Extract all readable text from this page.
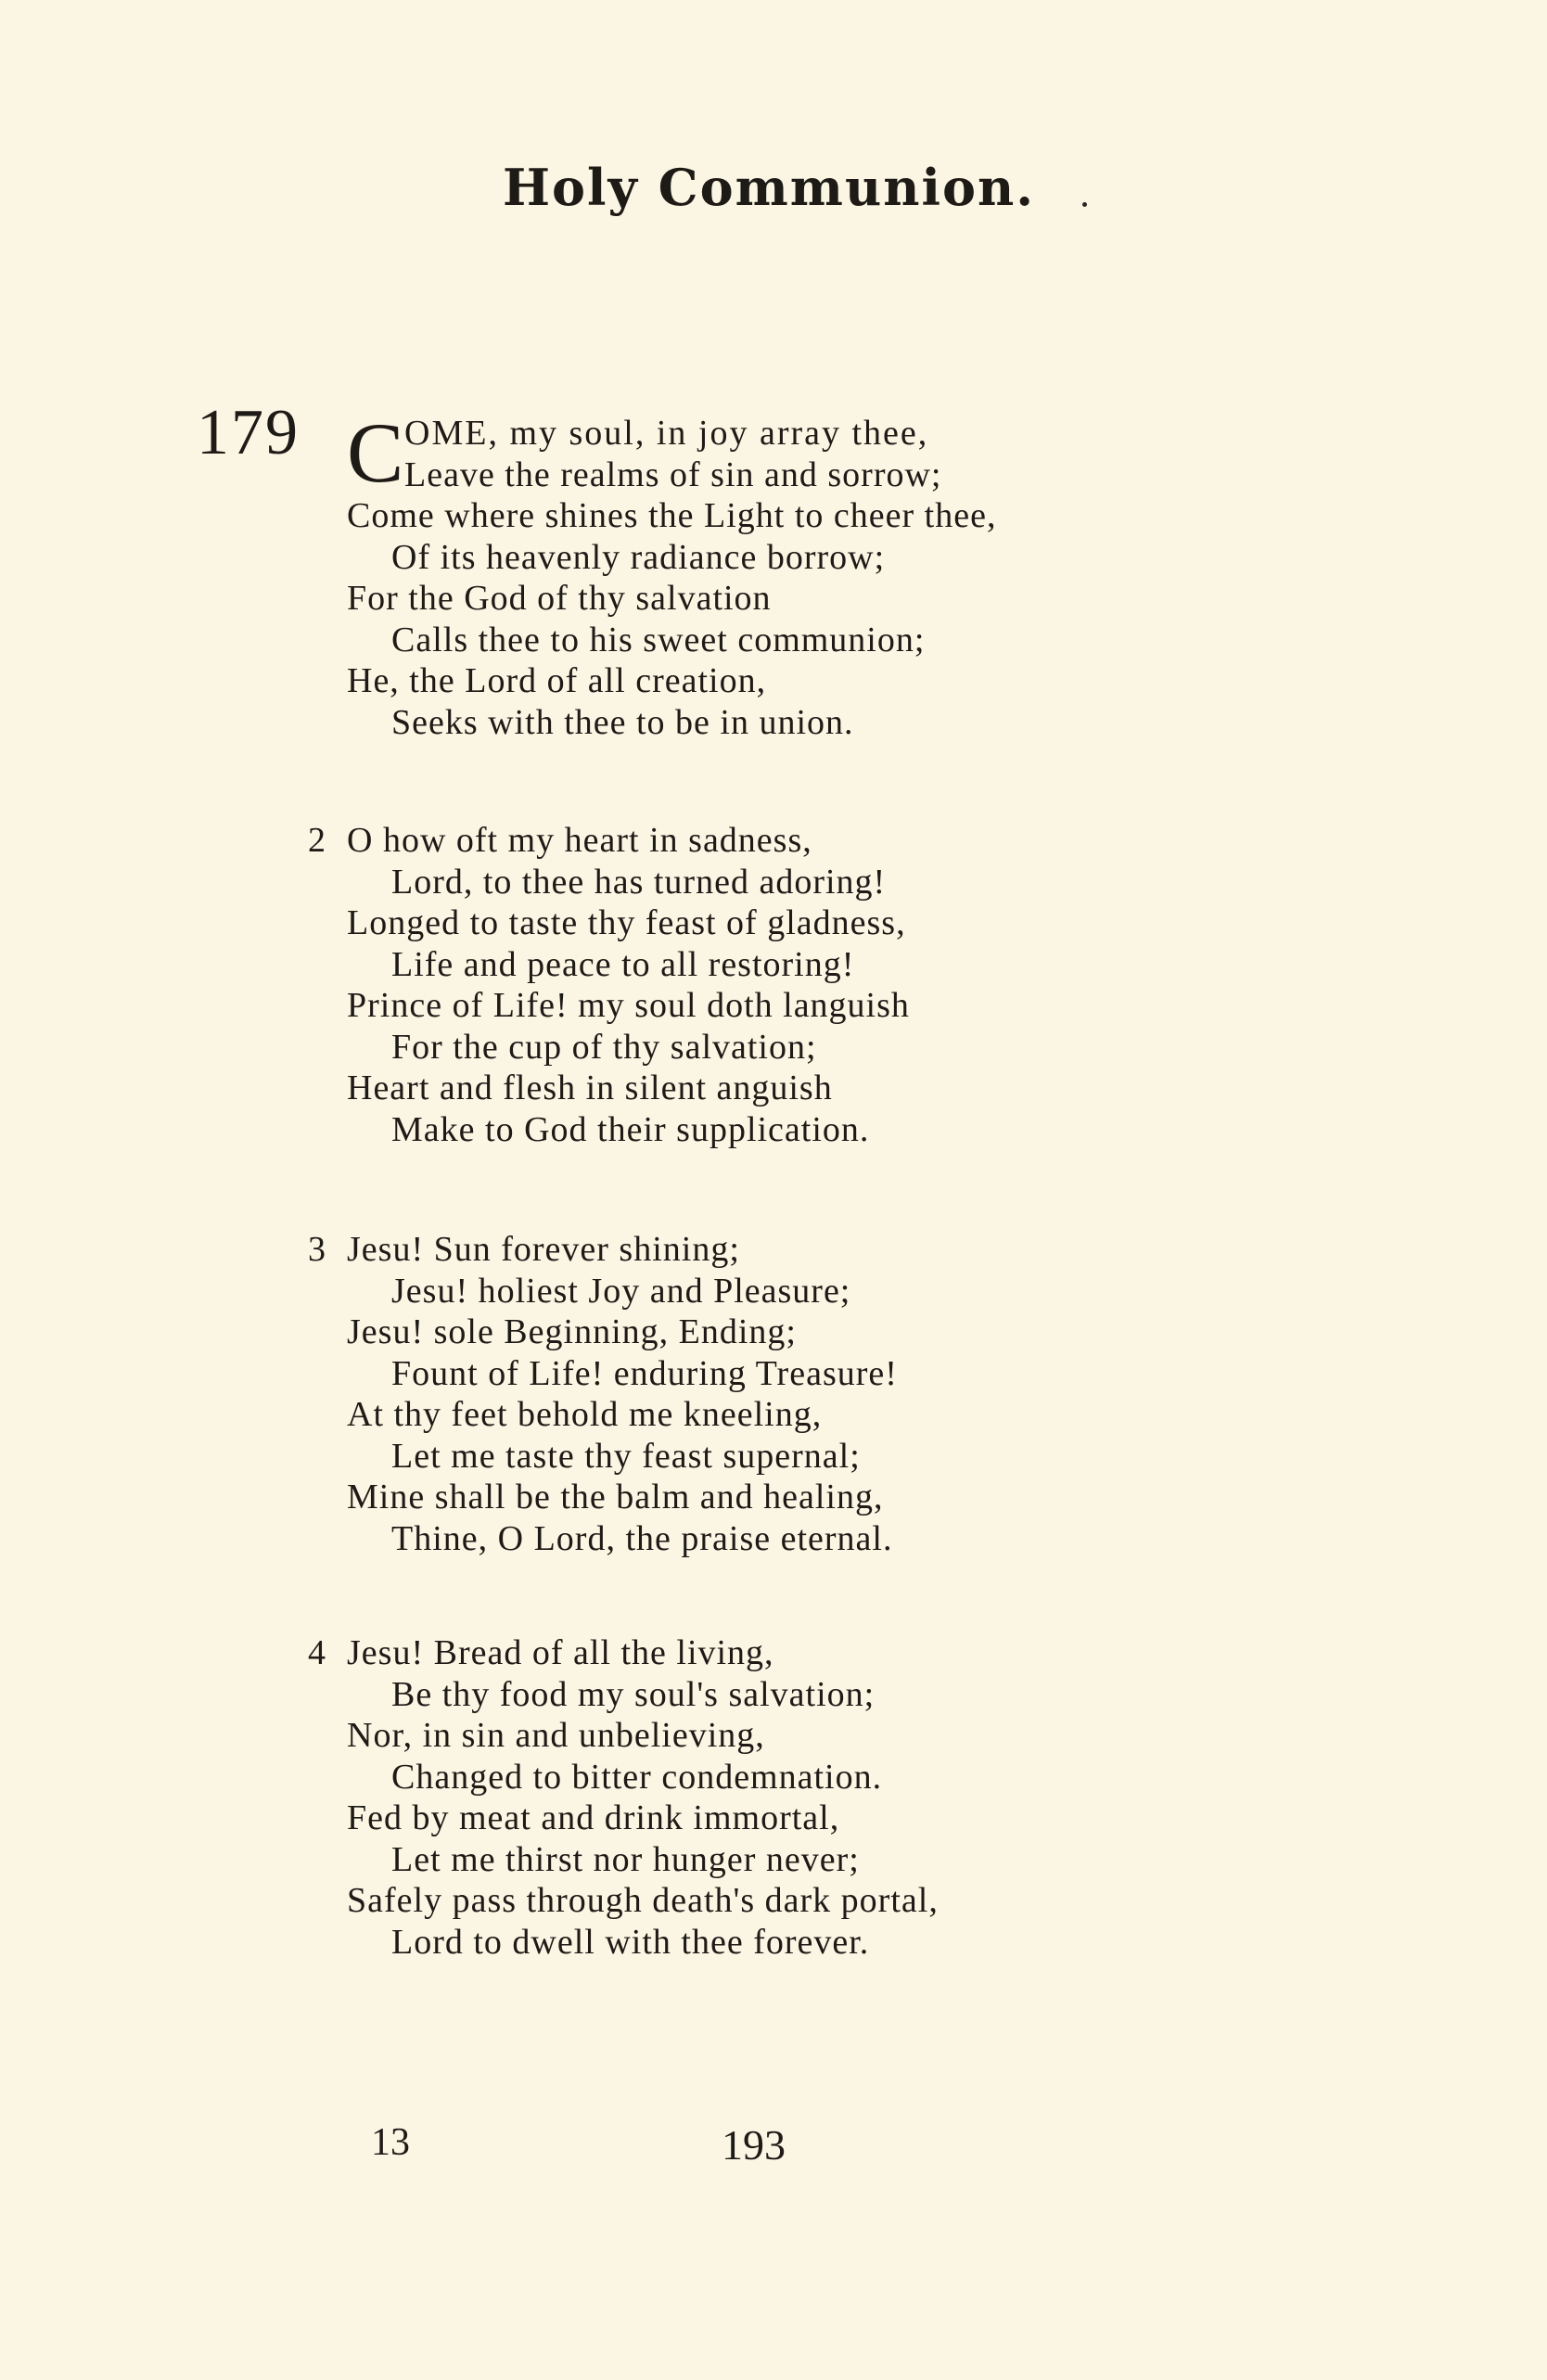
Holy Communion.
179 C OME, my soul, in joy array thee,
Leave the realms of sin and sorrow;
Come where shines the Light to cheer thee,
Of its heavenly radiance borrow;
For the God of thy salvation
Calls thee to his sweet communion;
He, the Lord of all creation,
Seeks with thee to be in union.
2 O how oft my heart in sadness,
Lord, to thee has turned adoring!
Longed to taste thy feast of gladness,
Life and peace to all restoring!
Prince of Life! my soul doth languish
For the cup of thy salvation;
Heart and flesh in silent anguish
Make to God their supplication.
3 Jesu! Sun forever shining;
Jesu! holiest Joy and Pleasure;
Jesu! sole Beginning, Ending;
Fount of Life! enduring Treasure!
At thy feet behold me kneeling,
Let me taste thy feast supernal;
Mine shall be the balm and healing,
Thine, O Lord, the praise eternal.
4 Jesu! Bread of all the living,
Be thy food my soul's salvation;
Nor, in sin and unbelieving,
Changed to bitter condemnation.
Fed by meat and drink immortal,
Let me thirst nor hunger never;
Safely pass through death's dark portal,
Lord to dwell with thee forever.
13	193
